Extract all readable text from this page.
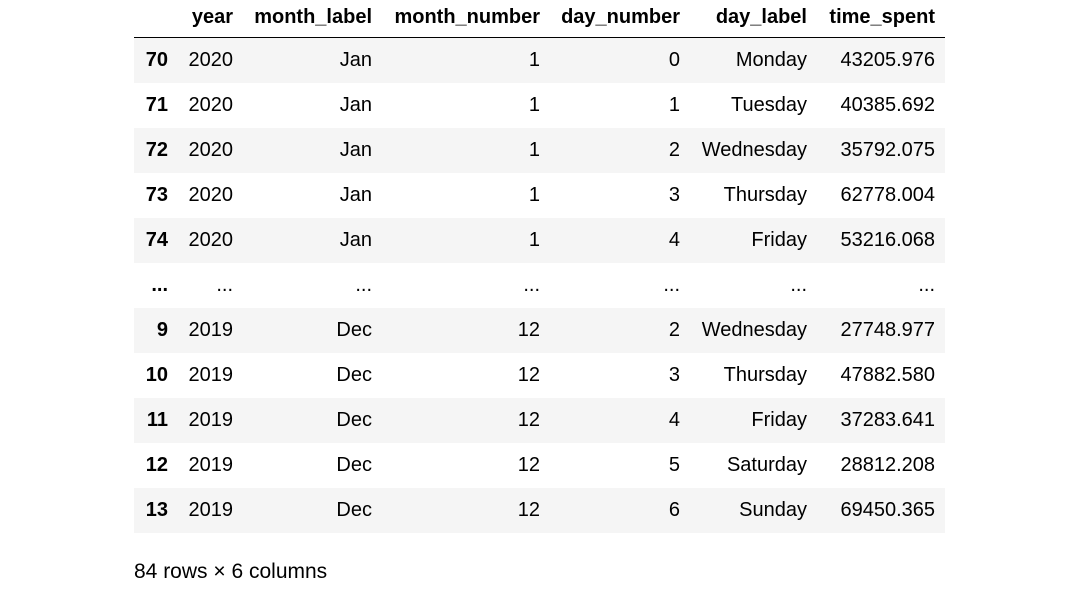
	year	month_label	month_number	day_number	day_label	time_spent
70	2020	Jan	1	0	Monday	43205.976
71	2020	Jan	1	1	Tuesday	40385.692
72	2020	Jan	1	2	Wednesday	35792.075
73	2020	Jan	1	3	Thursday	62778.004
74	2020	Jan	1	4	Friday	53216.068
...	...	...	...	...	...	...
9	2019	Dec	12	2	Wednesday	27748.977
10	2019	Dec	12	3	Thursday	47882.580
11	2019	Dec	12	4	Friday	37283.641
12	2019	Dec	12	5	Saturday	28812.208
13	2019	Dec	12	6	Sunday	69450.365
84 rows × 6 columns
